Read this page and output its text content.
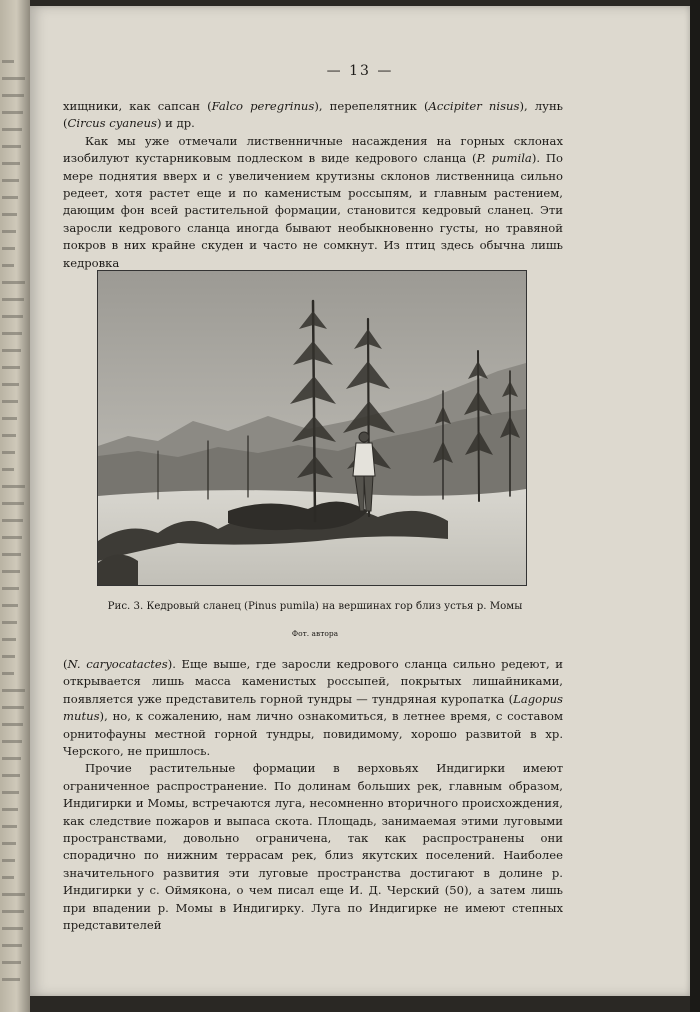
— 13 —

хищники, как сапсан (Falco peregrinus), перепелятник (Accipiter nisus), лунь (Circus cyaneus) и др.

Как мы уже отмечали лиственничные насаждения на горных склонах изобилуют кустарниковым подлеском в виде кедрового сланца (P. pumila). По мере поднятия вверх и с увеличением крутизны склонов лиственница сильно редеет, хотя растет еще и по каменистым россыпям, и главным растением, дающим фон всей растительной формации, становится кедровый сланец. Эти заросли кедрового сланца иногда бывают необыкновенно густы, но травяной покров в них крайне скуден и часто не сомкнут. Из птиц здесь обычна лишь кедровка

Рис. 3. Кедровый сланец (Pinus pumila) на вершинах гор близ устья р. Момы
Фот. автора

(N. caryocatactes). Еще выше, где заросли кедрового сланца сильно редеют, и открывается лишь масса каменистых россыпей, покрытых лишайниками, появляется уже представитель горной тундры — тундряная куропатка (Lagopus mutus), но, к сожалению, нам лично ознакомиться, в летнее время, с составом орнитофауны местной горной тундры, повидимому, хорошо развитой в хр. Черского, не пришлось.

Прочие растительные формации в верховьях Индигирки имеют ограниченное распространение. По долинам больших рек, главным образом, Индигирки и Момы, встречаются луга, несомненно вторичного происхождения, как следствие пожаров и выпаса скота. Площадь, занимаемая этими луговыми пространствами, довольно ограничена, так как распространены они спорадично по нижним террасам рек, близ якутских поселений. Наиболее значительного развития эти луговые пространства достигают в долине р. Индигирки у с. Оймякона, о чем писал еще И. Д. Черский (50), а затем лишь при впадении р. Момы в Индигирку. Луга по Индигирке не имеют степных представителей
